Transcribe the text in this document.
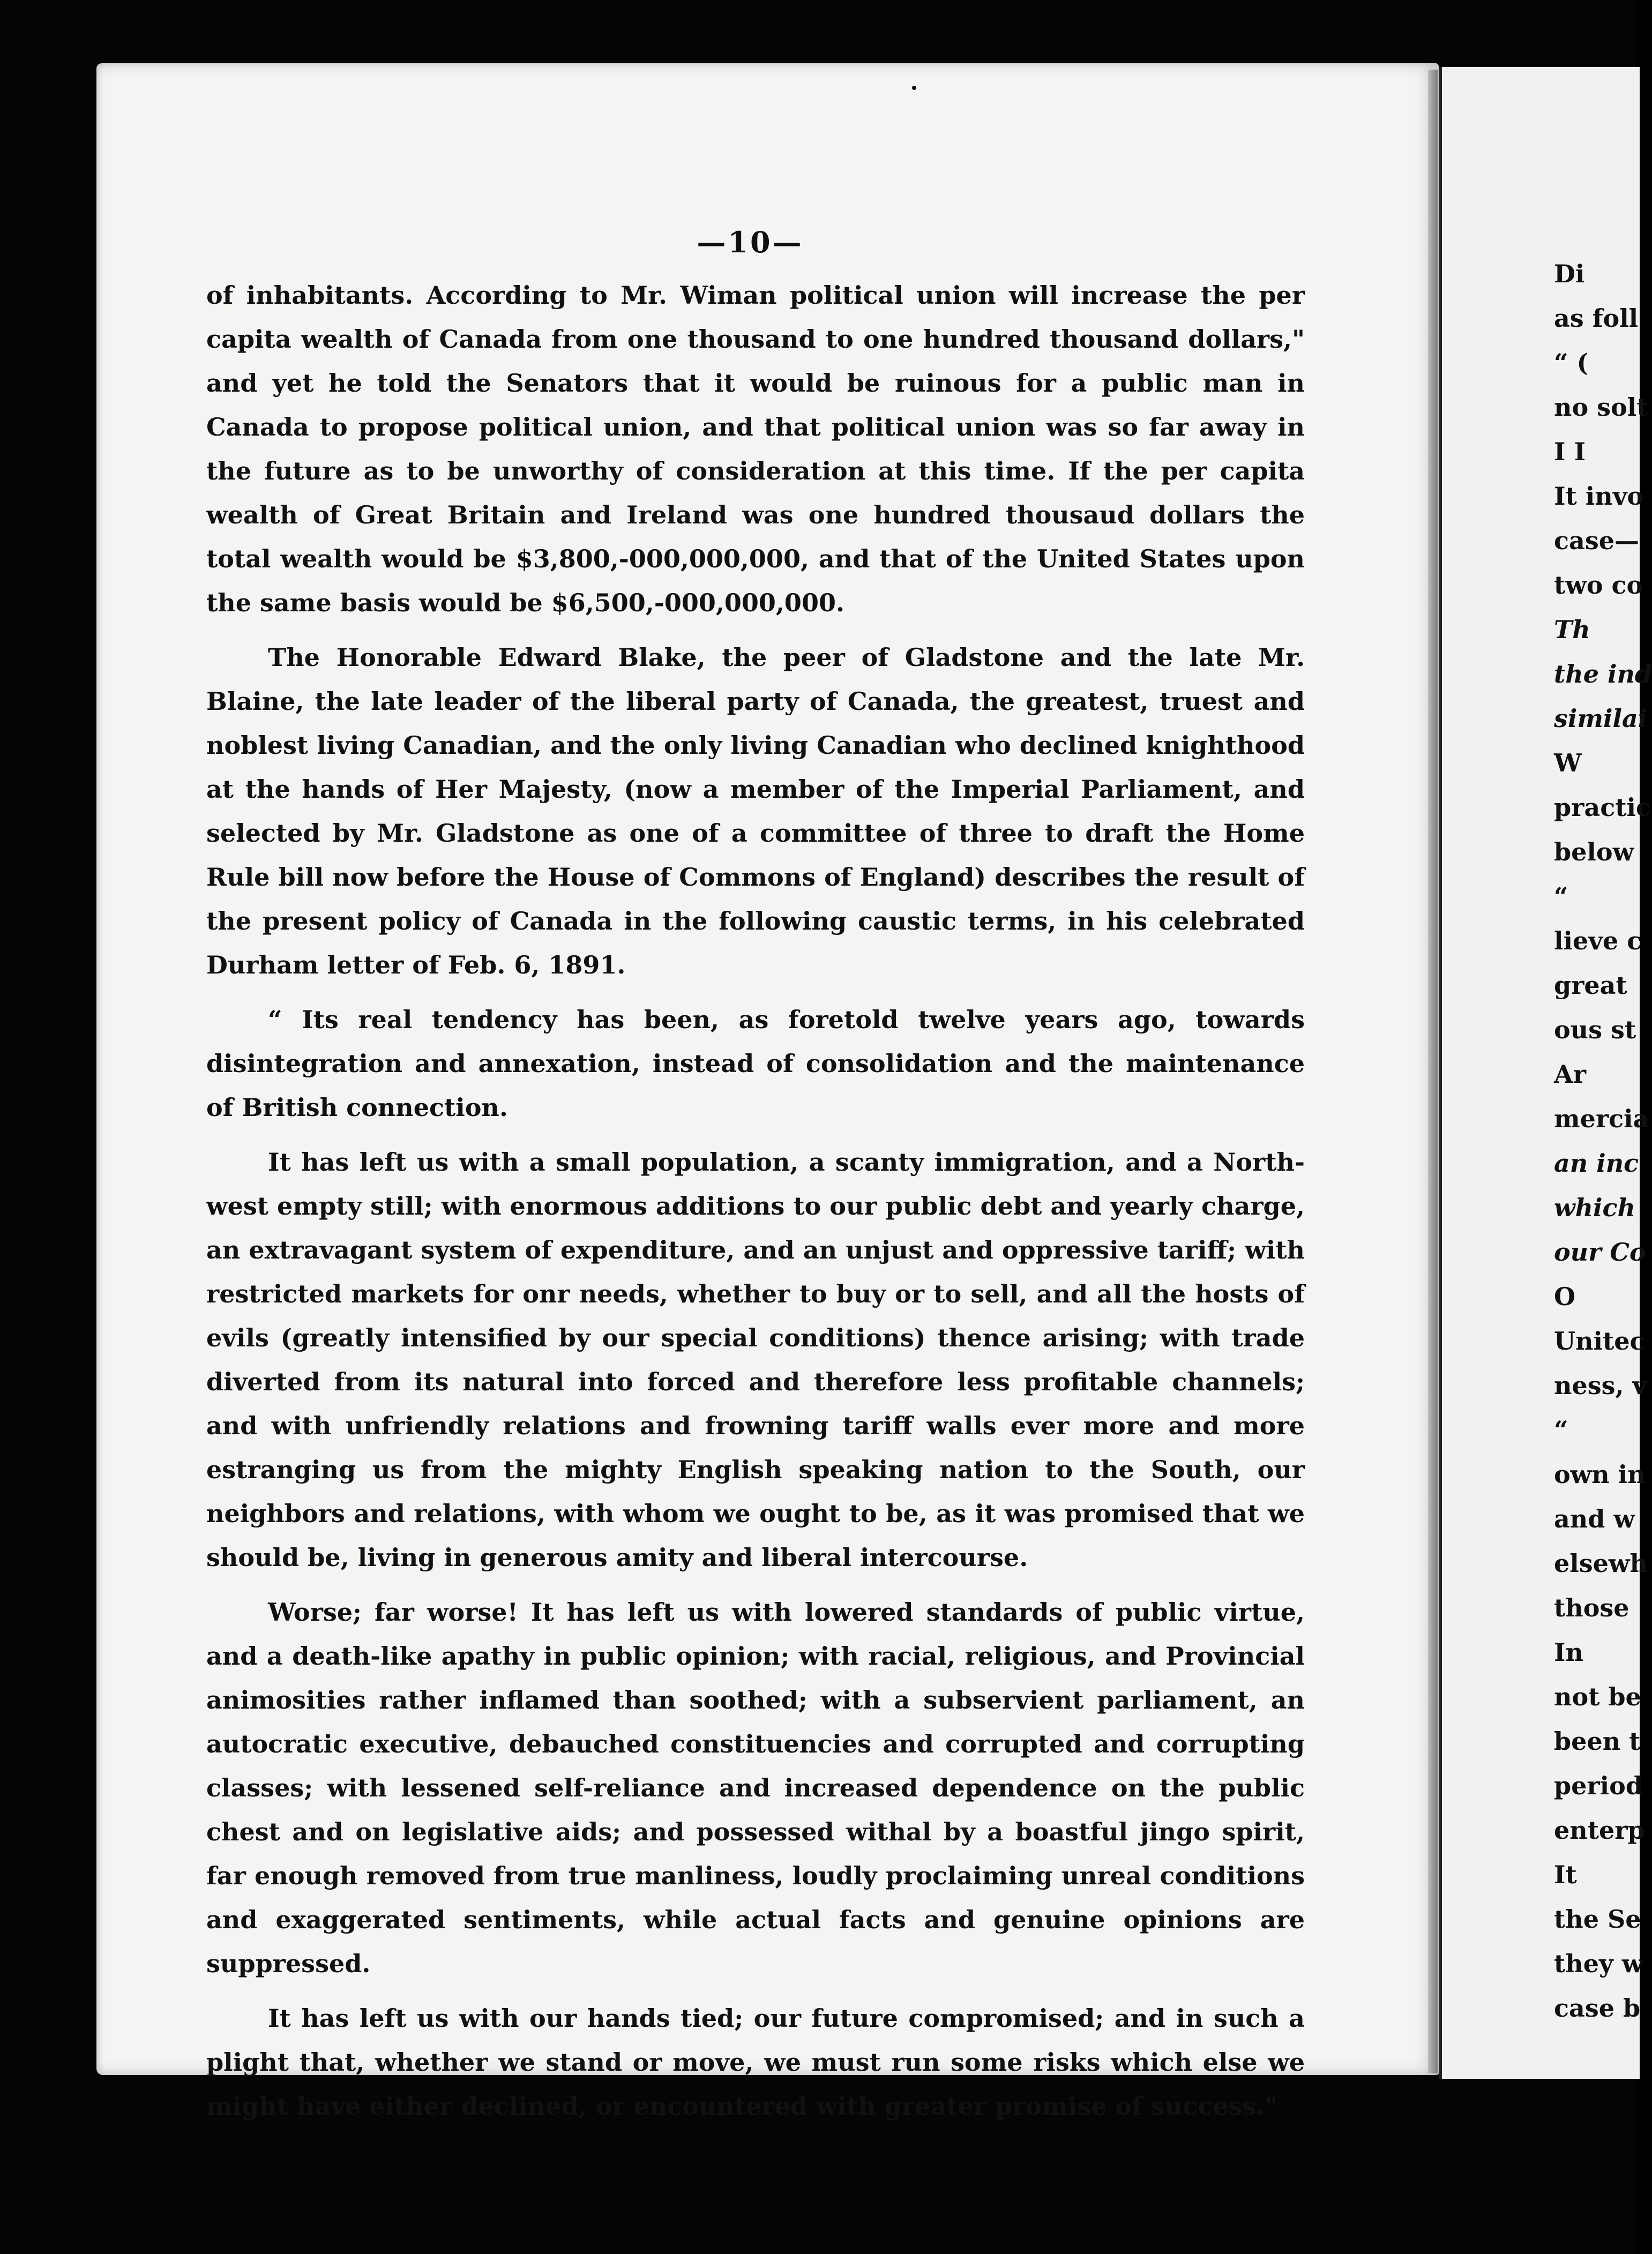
—10—

of inhabitants. According to Mr. Wiman political union will increase the per capita wealth of Canada from one thousand to one hundred thousand dollars," and yet he told the Senators that it would be ruinous for a public man in Canada to propose political union, and that political union was so far away in the future as to be unworthy of consideration at this time. If the per capita wealth of Great Britain and Ireland was one hundred thousaud dollars the total wealth would be $3,800,-000,000,000, and that of the United States upon the same basis would be $6,500,-000,000,000.

The Honorable Edward Blake, the peer of Gladstone and the late Mr. Blaine, the late leader of the liberal party of Canada, the greatest, truest and noblest living Canadian, and the only living Canadian who declined knighthood at the hands of Her Majesty, (now a member of the Imperial Parliament, and selected by Mr. Gladstone as one of a committee of three to draft the Home Rule bill now before the House of Commons of England) describes the result of the present policy of Canada in the following caustic terms, in his celebrated Durham letter of Feb. 6, 1891.

“ Its real tendency has been, as foretold twelve years ago, towards disintegration and annexation, instead of consolidation and the maintenance of British connection.

It has left us with a small population, a scanty immigration, and a North-west empty still; with enormous additions to our public debt and yearly charge, an extravagant system of expenditure, and an unjust and oppressive tariff; with restricted markets for onr needs, whether to buy or to sell, and all the hosts of evils (greatly intensified by our special conditions) thence arising; with trade diverted from its natural into forced and therefore less profitable channels; and with unfriendly relations and frowning tariff walls ever more and more estranging us from the mighty English speaking nation to the South, our neighbors and relations, with whom we ought to be, as it was promised that we should be, living in generous amity and liberal intercourse.

Worse; far worse! It has left us with lowered standards of public virtue, and a death-like apathy in public opinion; with racial, religious, and Provincial animosities rather inflamed than soothed; with a subservient parliament, an autocratic executive, debauched constituencies and corrupted and corrupting classes; with lessened self-reliance and increased dependence on the public chest and on legislative aids; and possessed withal by a boastful jingo spirit, far enough removed from true manliness, loudly proclaiming unreal conditions and exaggerated sentiments, while actual facts and genuine opinions are suppressed.

It has left us with our hands tied; our future compromised; and in such a plight that, whether we stand or move, we must run some risks which else we might have either declined, or encountered with greater promise of success."

Di
as foll
“ (
no solt
I I
It invo
case—
two co
Th
the ind
similai
W
practic
below
“
lieve c
great
ous st
Ar
mercia
an inc
which
our Co
O
Unitec
ness, v
“
own in
and w
elsewh
those
In
not be
been t
period
enterp
It
the Se
they w
case b
